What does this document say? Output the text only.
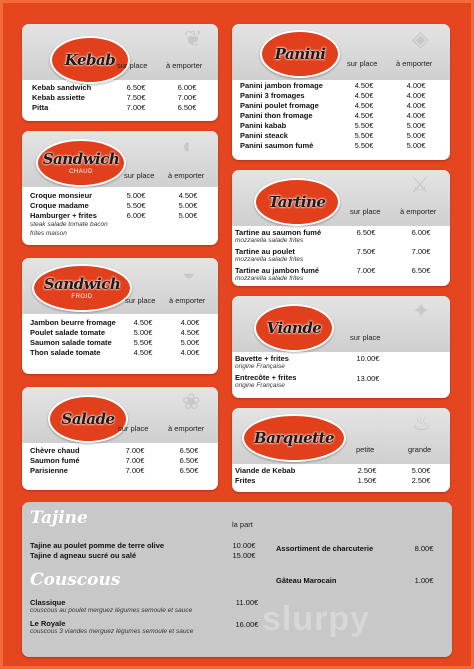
❦
Kebab sur place à emporter
Kebab sandwich	6.50€	6.00€
Kebab assiette	7.50€	7.00€
Pitta	7.00€	6.50€
◐
Sandwich
CHAUD	sur place à emporter
Croque monsieur	5.00€	4.50€
Croque madame	5.50€	5.00€
Hamburger + frites	6.00€	5.00€
steak salade tomate bacon
frites maison
◒
Sandwich
FROID	sur place à emporter
Jambon beurre fromage	4.50€	4.00€
Poulet salade tomate	5.00€	4.50€
Saumon salade tomate	5.50€	5.00€
Thon salade tomate	4.50€	4.00€
❀
Salade
sur place	à emporter
Chèvre chaud	7.00€	6.50€
Saumon fumé	7.00€	6.50€
Parisienne	7.00€	6.50€
◈
Panini
sur place à emporter
Panini jambon fromage	4.50€	4.00€
Panini 3 fromages	4.50€	4.00€
Panini poulet fromage	4.50€	4.00€
Panini thon fromage	4.50€	4.00€
Panini kabab	5.50€	5.00€
Panini steack	5.50€	5.00€
Panini saumon fumé	5.50€	5.00€
⚔
Tartine
sur place	à emporter
Tartine au saumon fumé	6.50€	6.00€
mozzarella salade frites
Tartine au poulet	7.50€	7.00€
mozzarella salade frites
Tartine au jambon fumé	7.00€	6.50€
mozzarella salade frites
✦
Viande
sur place
Bavette + frites	10.00€
origine Française
Entrecôte + frites	13.00€
origine Française
♨
Barquette
petite	grande
Viande de Kebab	2.50€	5.00€
Frites	1.50€	2.50€
Tajine	la part
Tajine au poulet pomme de terre olive	10.00€
Tajine d agneau sucré ou salé	15.00€
Couscous
Classique
couscous au poulet merguez légumes semoule et sauce
11.00€
Le Royale
couscous 3 viandes merguez légumes semoule et sauce
16.00€
Assortiment de charcuterie	8.00€
Gâteau Marocain	1.00€
slurpy
